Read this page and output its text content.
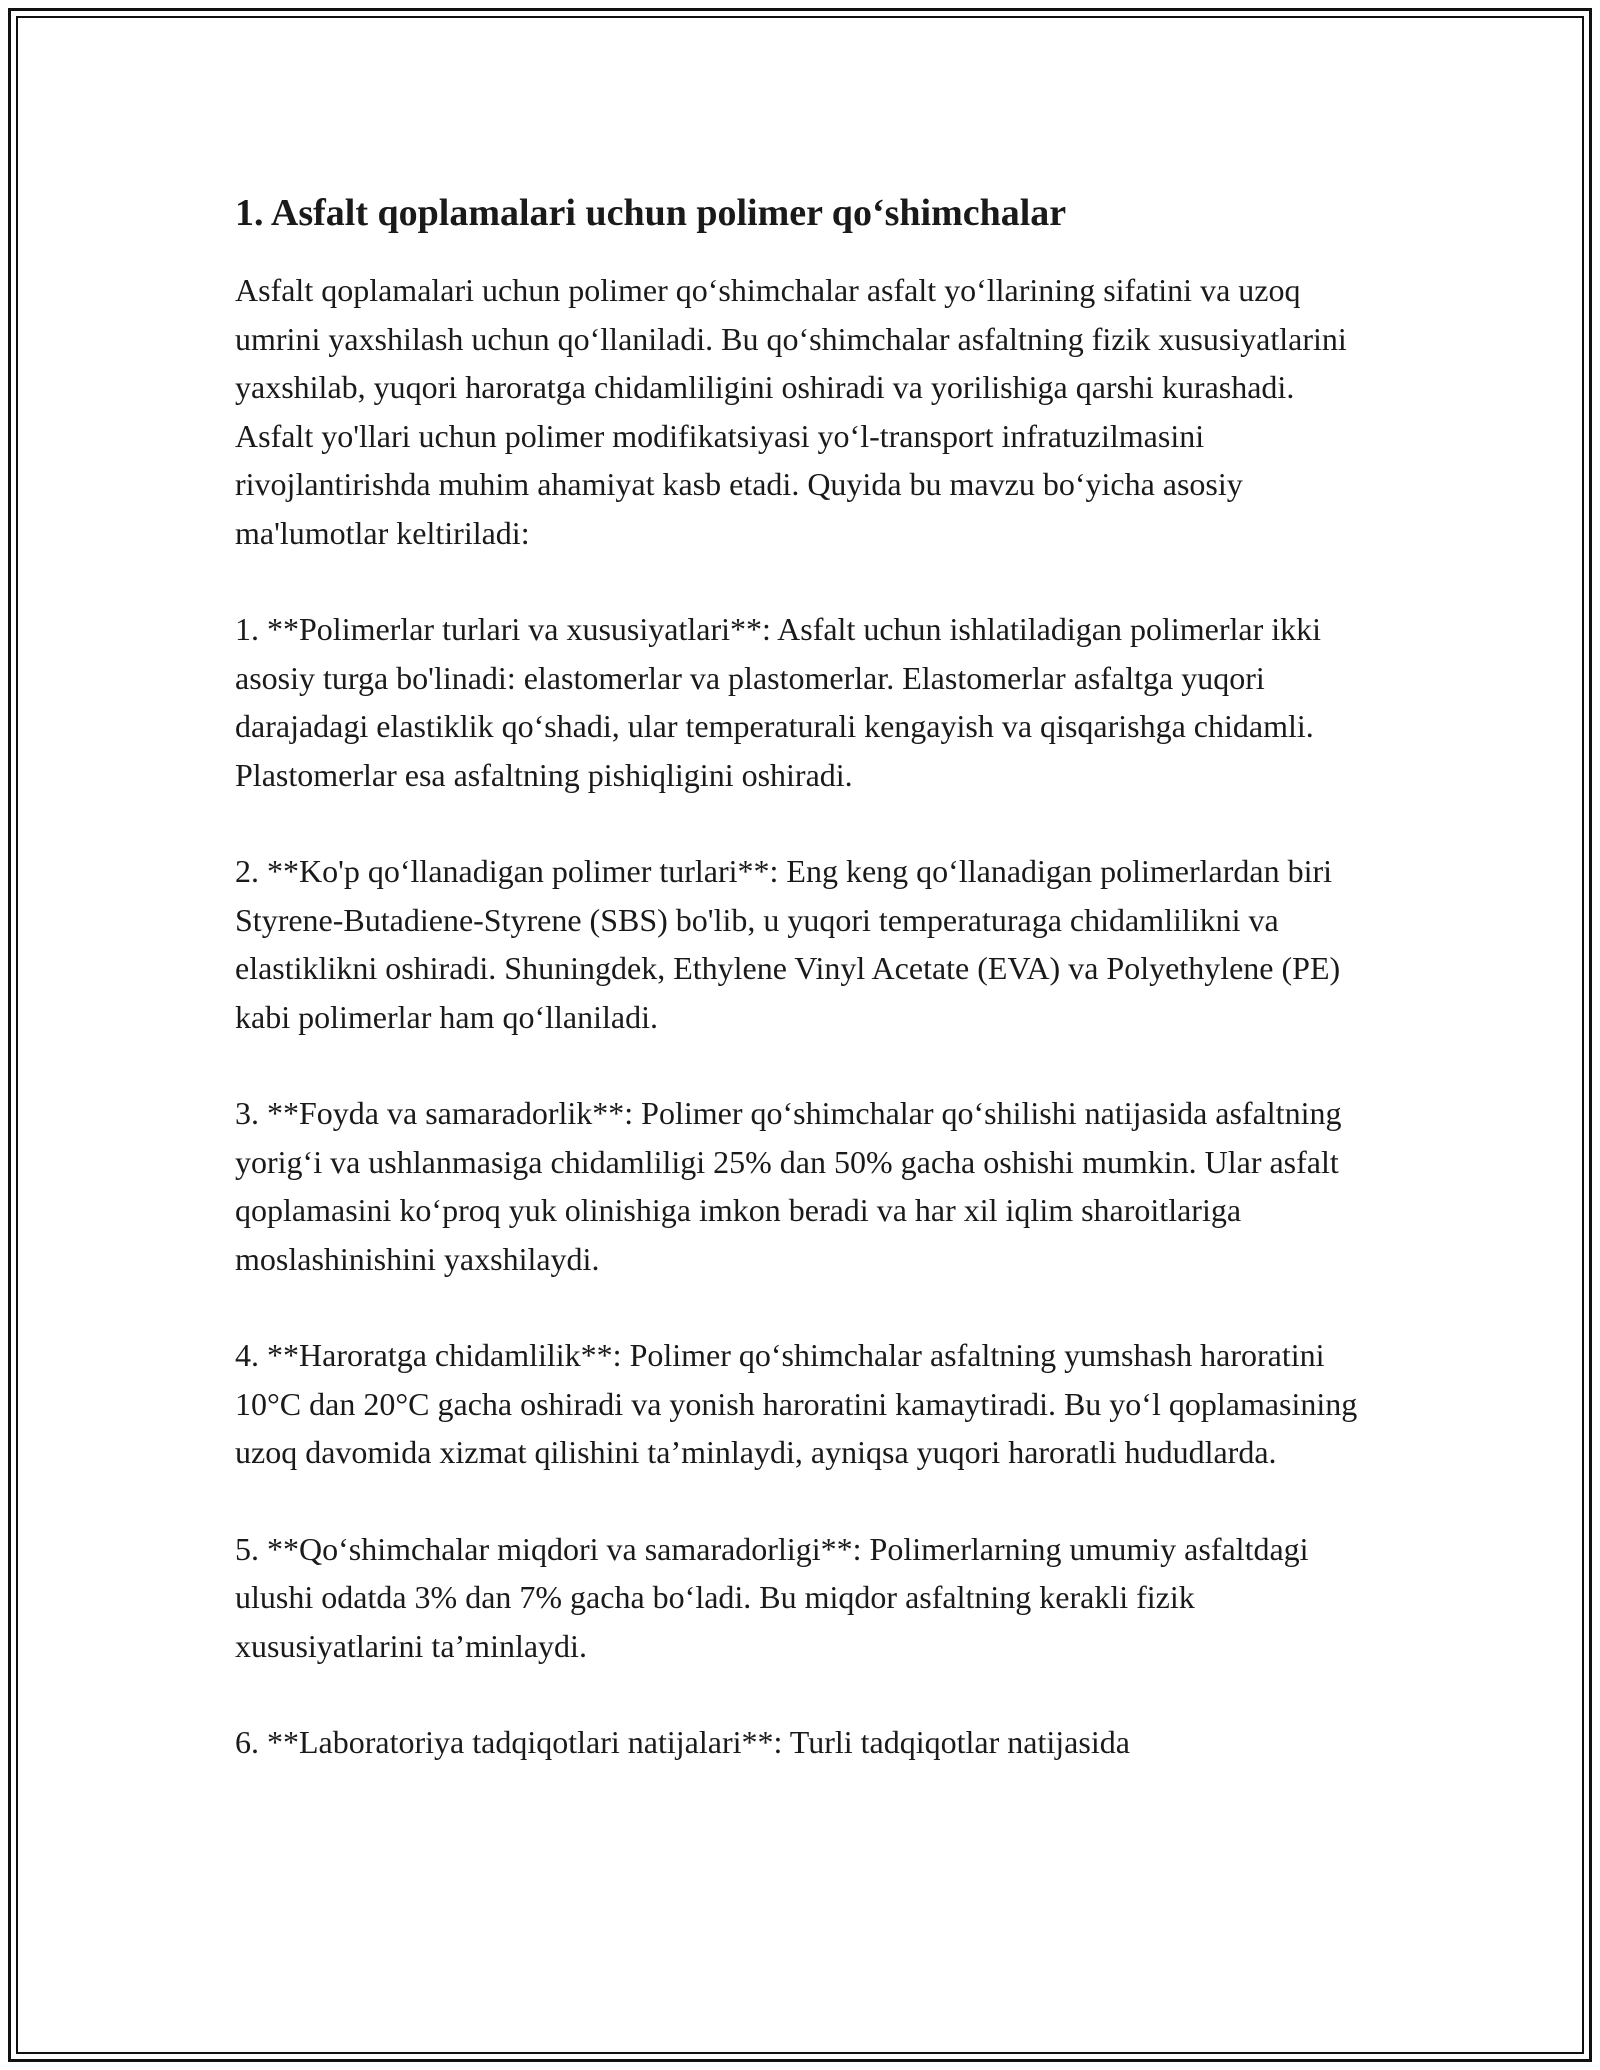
1. Asfalt qoplamalari uchun polimer qo‘shimchalar

Asfalt qoplamalari uchun polimer qo‘shimchalar asfalt yo‘llarining sifatini va uzoq umrini yaxshilash uchun qo‘llaniladi. Bu qo‘shimchalar asfaltning fizik xususiyatlarini yaxshilab, yuqori haroratga chidamliligini oshiradi va yorilishiga qarshi kurashadi. Asfalt yo'llari uchun polimer modifikatsiyasi yo‘l-transport infratuzilmasini rivojlantirishda muhim ahamiyat kasb etadi. Quyida bu mavzu bo‘yicha asosiy ma'lumotlar keltiriladi:

1. **Polimerlar turlari va xususiyatlari**: Asfalt uchun ishlatiladigan polimerlar ikki asosiy turga bo'linadi: elastomerlar va plastomerlar. Elastomerlar asfaltga yuqori darajadagi elastiklik qo‘shadi, ular temperaturali kengayish va qisqarishga chidamli. Plastomerlar esa asfaltning pishiqligini oshiradi.

2. **Ko'p qo‘llanadigan polimer turlari**: Eng keng qo‘llanadigan polimerlardan biri Styrene-Butadiene-Styrene (SBS) bo'lib, u yuqori temperaturaga chidamlilikni va elastiklikni oshiradi. Shuningdek, Ethylene Vinyl Acetate (EVA) va Polyethylene (PE) kabi polimerlar ham qo‘llaniladi.

3. **Foyda va samaradorlik**: Polimer qo‘shimchalar qo‘shilishi natijasida asfaltning yorig‘i va ushlanmasiga chidamliligi 25% dan 50% gacha oshishi mumkin. Ular asfalt qoplamasini ko‘proq yuk olinishiga imkon beradi va har xil iqlim sharoitlariga moslashinishini yaxshilaydi.

4. **Haroratga chidamlilik**: Polimer qo‘shimchalar asfaltning yumshash haroratini 10°C dan 20°C gacha oshiradi va yonish haroratini kamaytiradi. Bu yo‘l qoplamasining uzoq davomida xizmat qilishini ta’minlaydi, ayniqsa yuqori haroratli hududlarda.

5. **Qo‘shimchalar miqdori va samaradorligi**: Polimerlarning umumiy asfaltdagi ulushi odatda 3% dan 7% gacha bo‘ladi. Bu miqdor asfaltning kerakli fizik xususiyatlarini ta’minlaydi.

6. **Laboratoriya tadqiqotlari natijalari**: Turli tadqiqotlar natijasida
